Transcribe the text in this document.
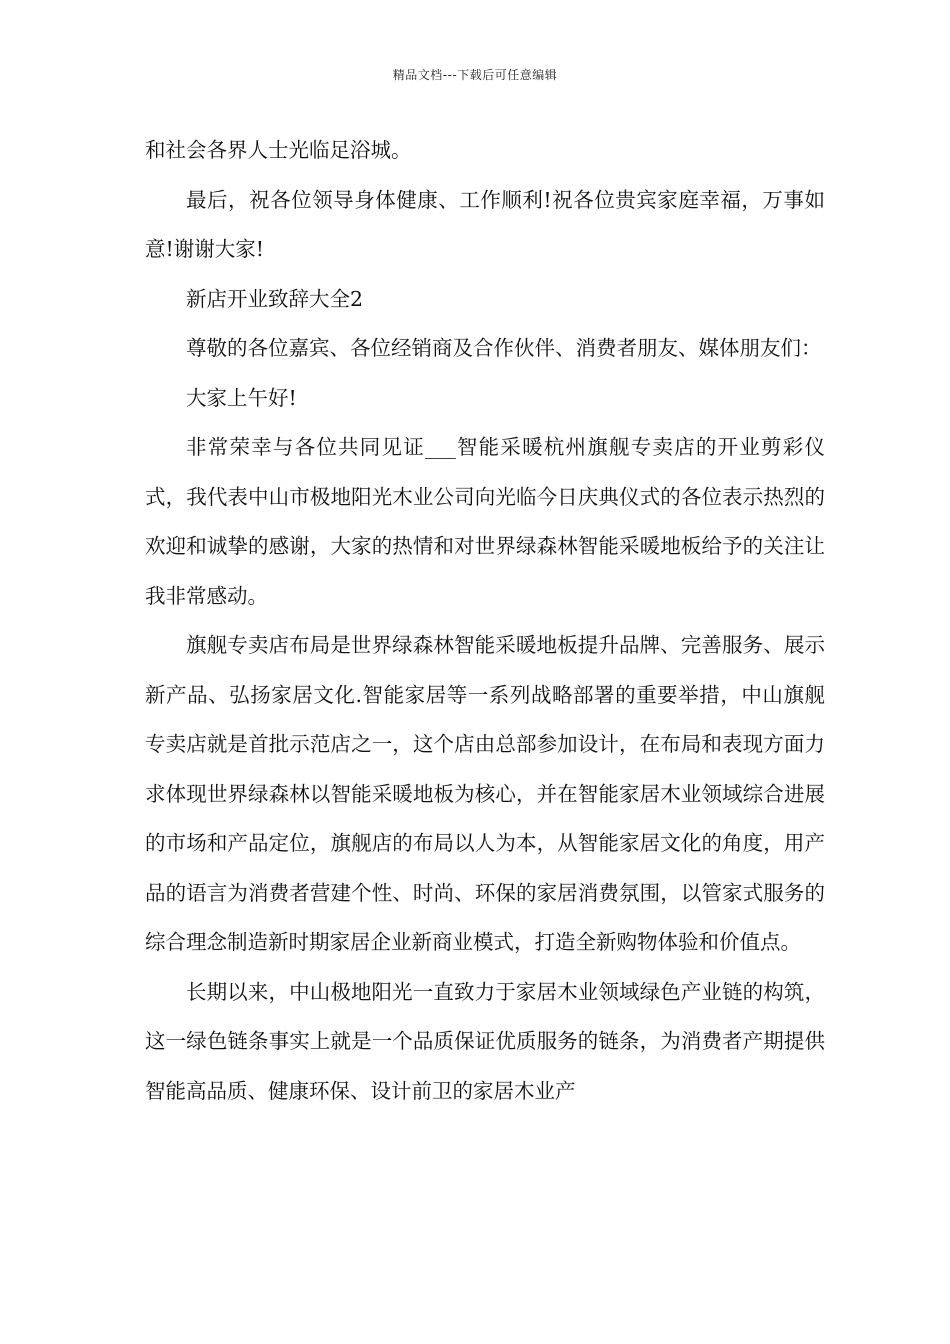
精品文档---下载后可任意编辑

和社会各界人士光临足浴城。

最后，祝各位领导身体健康、工作顺利!祝各位贵宾家庭幸福，万事如意!谢谢大家!

新店开业致辞大全2

尊敬的各位嘉宾、各位经销商及合作伙伴、消费者朋友、媒体朋友们：

大家上午好!

非常荣幸与各位共同见证___智能采暖杭州旗舰专卖店的开业剪彩仪式，我代表中山市极地阳光木业公司向光临今日庆典仪式的各位表示热烈的欢迎和诚挚的感谢，大家的热情和对世界绿森林智能采暖地板给予的关注让我非常感动。

旗舰专卖店布局是世界绿森林智能采暖地板提升品牌、完善服务、展示新产品、弘扬家居文化.智能家居等一系列战略部署的重要举措，中山旗舰专卖店就是首批示范店之一，这个店由总部参加设计，在布局和表现方面力求体现世界绿森林以智能采暖地板为核心，并在智能家居木业领域综合进展的市场和产品定位，旗舰店的布局以人为本，从智能家居文化的角度，用产品的语言为消费者营建个性、时尚、环保的家居消费氛围，以管家式服务的综合理念制造新时期家居企业新商业模式，打造全新购物体验和价值点。

长期以来，中山极地阳光一直致力于家居木业领域绿色产业链的构筑，这一绿色链条事实上就是一个品质保证优质服务的链条，为消费者产期提供智能高品质、健康环保、设计前卫的家居木业产
